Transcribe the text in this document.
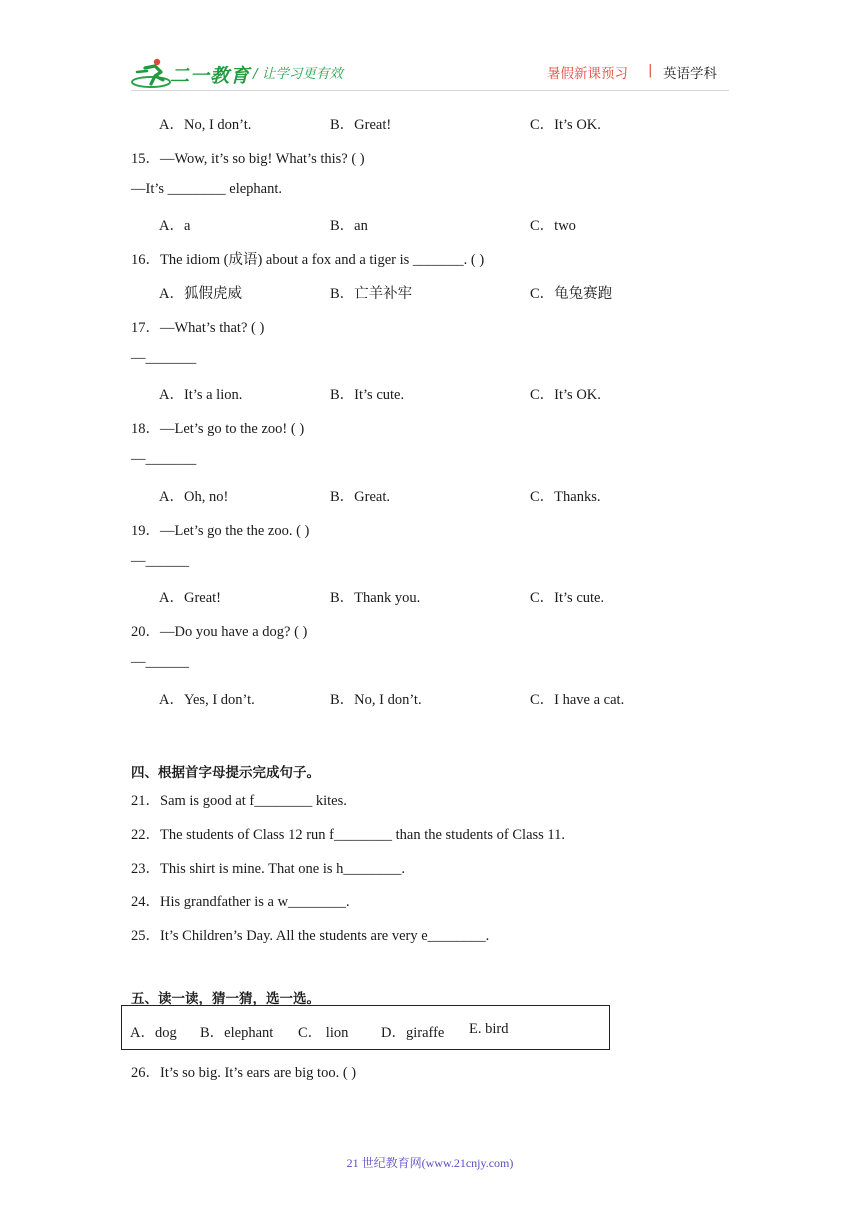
二一教育 / 让学习更有效	暑假新课预习 | 英语学科
A．No, I don’t.	B．Great!	C．It’s OK.
15．—Wow, it’s so big! What’s this? ( )
—It’s ________ elephant.
A．a	B．an	C．two
16．The idiom (成语) about a fox and a tiger is _______. ( )
A．狐假虎威	B．亡羊补牢	C．龟兔赛跑
17．—What’s that? ( )
—_______
A．It’s a lion.	B．It’s cute.	C．It’s OK.
18．—Let’s go to the zoo! ( )
—_______
A．Oh, no!	B．Great.	C．Thanks.
19．—Let’s go the the zoo. ( )
—______
A．Great!	B．Thank you.	C．It’s cute.
20．—Do you have a dog? ( )
—______
A．Yes, I don’t.	B．No, I don’t.	C．I have a cat.
四、根据首字母提示完成句子。
21．Sam is good at f________ kites.
22．The students of Class 12 run f________ than the students of Class 11.
23．This shirt is mine. That one is h________.
24．His grandfather is a w________.
25．It’s Children’s Day. All the students are very e________.
五、读一读，猜一猜，选一选。
A．dog B．elephant C． lion D．giraffe E. bird
26．It’s so big. It’s ears are big too. ( )
21 世纪教育网(www.21cnjy.com)
